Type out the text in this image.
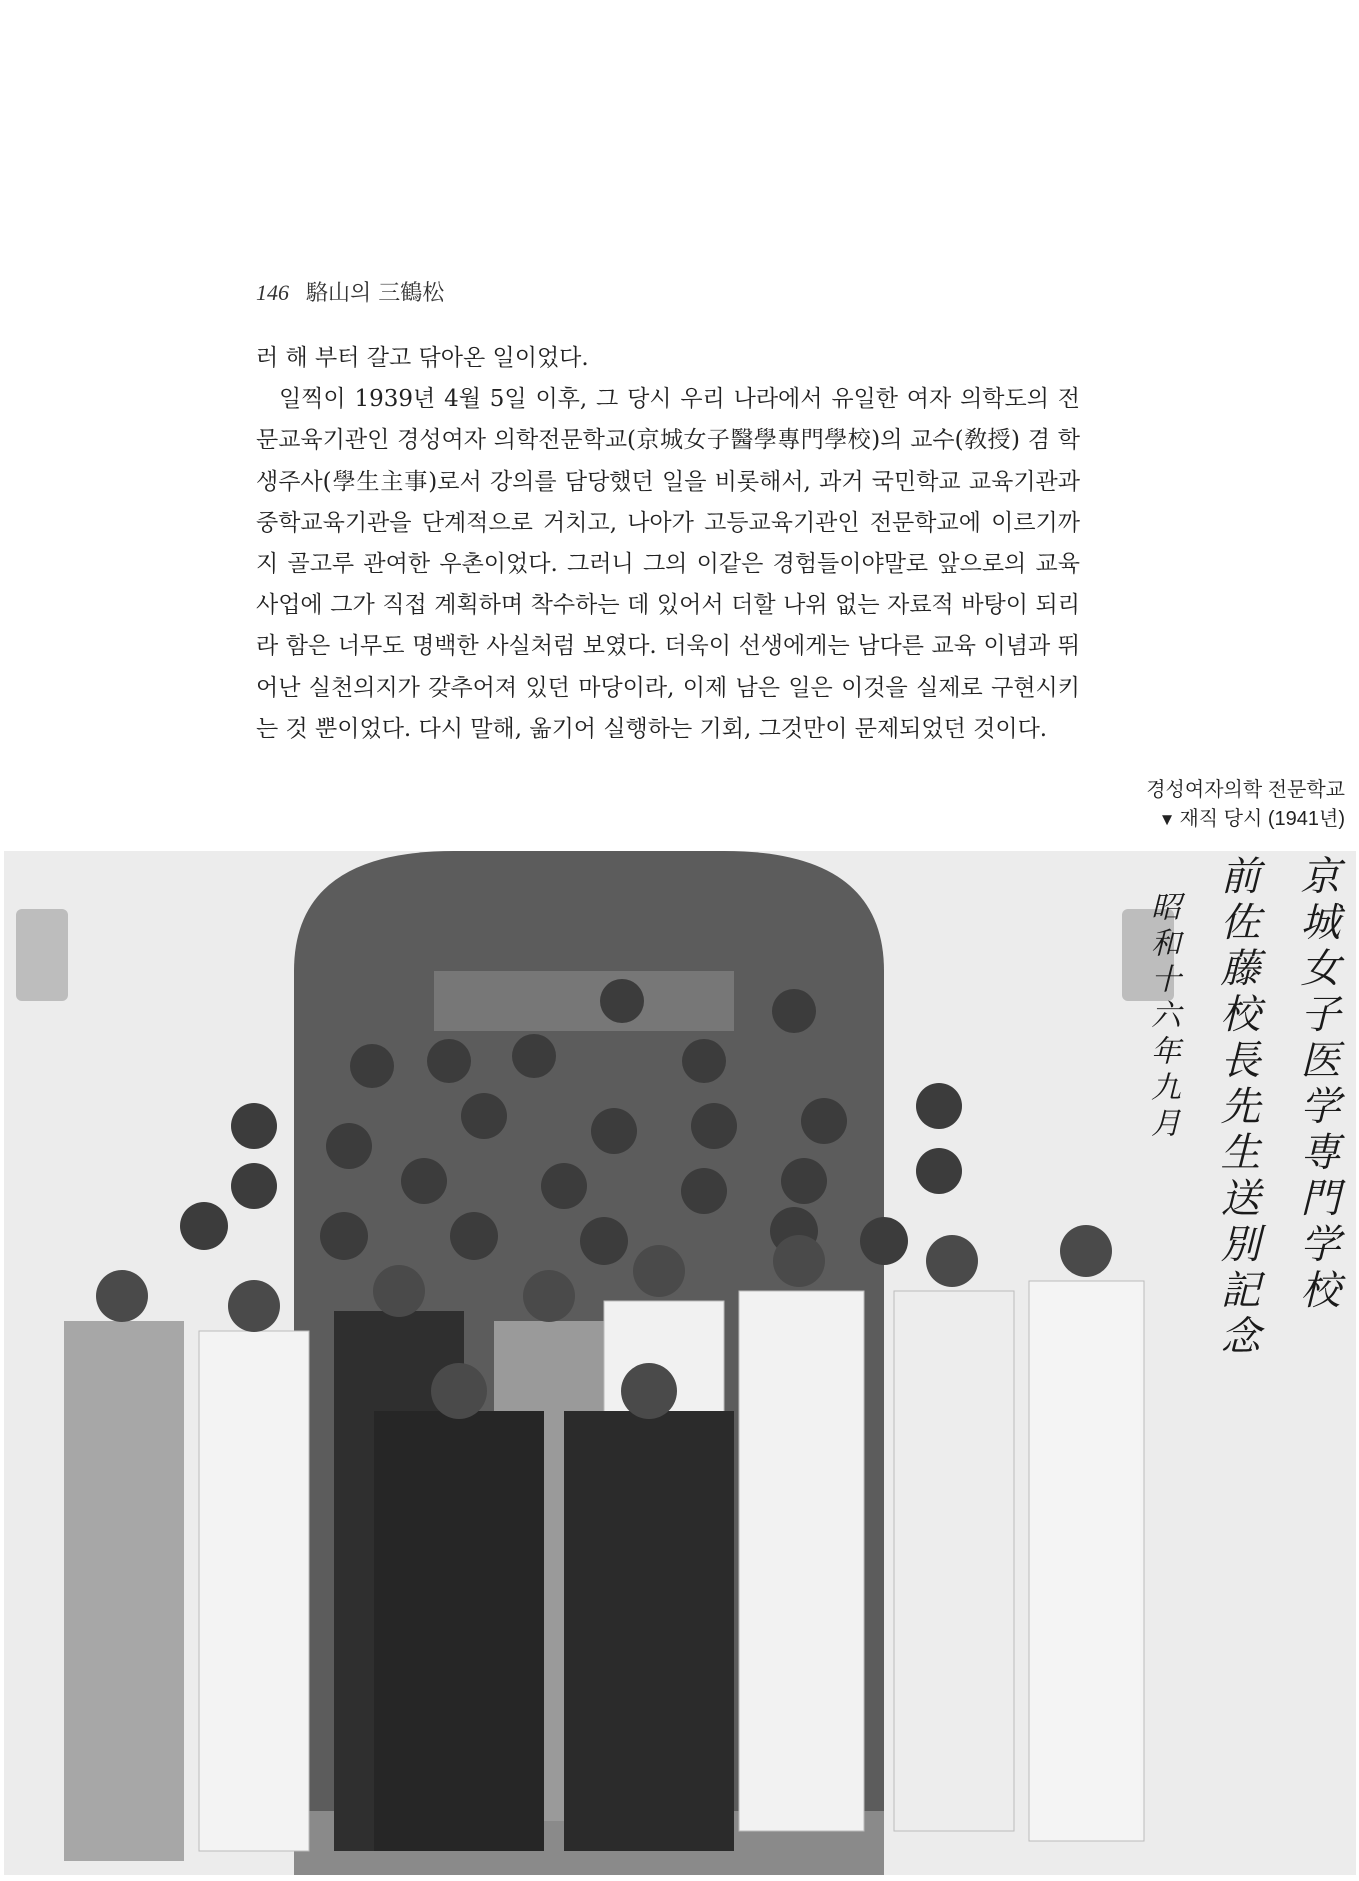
146 駱山의 三鶴松

러 해 부터 갈고 닦아온 일이었다.

일찍이 1939년 4월 5일 이후, 그 당시 우리 나라에서 유일한 여자 의학도의 전문교육기관인 경성여자 의학전문학교(京城女子醫學專門學校)의 교수(敎授) 겸 학생주사(學生主事)로서 강의를 담당했던 일을 비롯해서, 과거 국민학교 교육기관과 중학교육기관을 단계적으로 거치고, 나아가 고등교육기관인 전문학교에 이르기까지 골고루 관여한 우촌이었다. 그러니 그의 이같은 경험들이야말로 앞으로의 교육사업에 그가 직접 계획하며 착수하는 데 있어서 더할 나위 없는 자료적 바탕이 되리라 함은 너무도 명백한 사실처럼 보였다. 더욱이 선생에게는 남다른 교육 이념과 뛰어난 실천의지가 갖추어져 있던 마당이라, 이제 남은 일은 이것을 실제로 구현시키는 것 뿐이었다. 다시 말해, 옮기어 실행하는 기회, 그것만이 문제되었던 것이다.

경성여자의학 전문학교
▼ 재직 당시 (1941년)
京城女子医学専門学校
前佐藤校長先生送別記念
昭和十六年九月
